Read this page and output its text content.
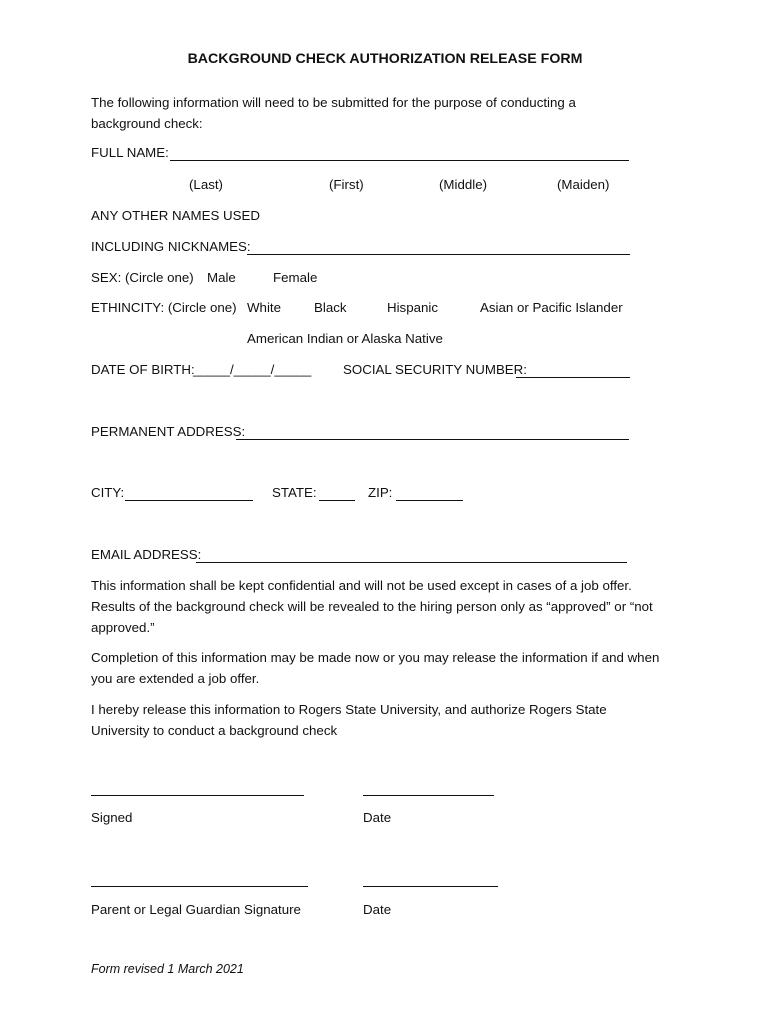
BACKGROUND CHECK AUTHORIZATION RELEASE FORM
The following information will need to be submitted for the purpose of conducting a background check:
FULL NAME:
(Last)	(First)	(Middle)	(Maiden)
ANY OTHER NAMES USED
INCLUDING NICKNAMES:
SEX: (Circle one) Male	Female
ETHINCITY: (Circle one) White Black	Hispanic	Asian or Pacific Islander
American Indian or Alaska Native
DATE OF BIRTH:
_____/_____/_____ SOCIAL SECURITY NUMBER:
PERMANENT ADDRESS:
CITY:	STATE:	ZIP:
EMAIL ADDRESS:
This information shall be kept confidential and will not be used except in cases of a job offer. Results of the background check will be revealed to the hiring person only as “approved” or “not approved.”
Completion of this information may be made now or you may release the information if and when you are extended a job offer.
I hereby release this information to Rogers State University, and authorize Rogers State University to conduct a background check
Signed	Date
Parent or Legal Guardian Signature	Date
Form revised 1 March 2021
